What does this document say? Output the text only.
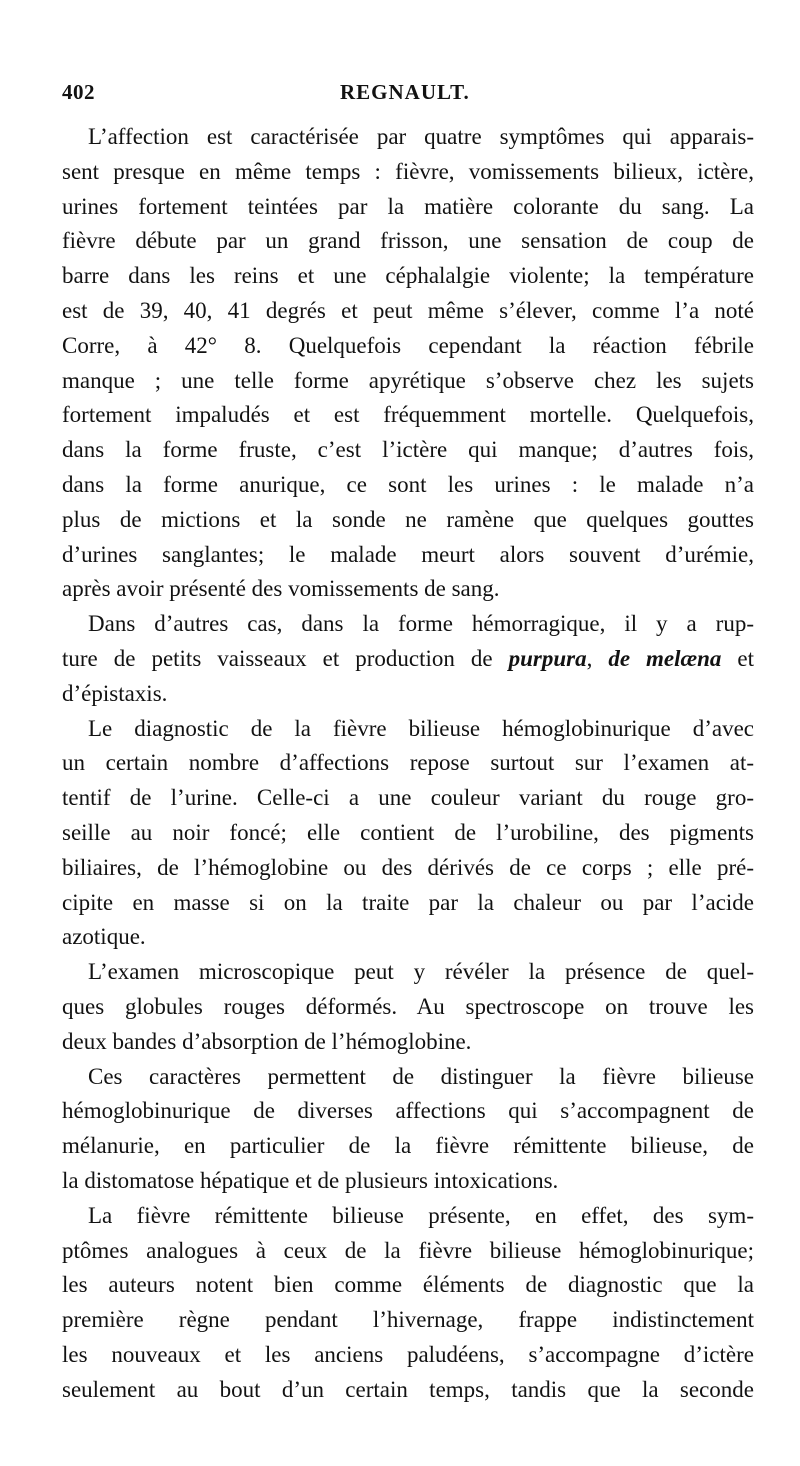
402	REGNAULT.
L’affection est caractérisée par quatre symptômes qui apparais-
sent presque en même temps : fièvre, vomissements bilieux, ictère,
urines fortement teintées par la matière colorante du sang. La
fièvre débute par un grand frisson, une sensation de coup de
barre dans les reins et une céphalalgie violente; la température
est de 39, 40, 41 degrés et peut même s’élever, comme l’a noté
Corre, à 42° 8. Quelquefois cependant la réaction fébrile
manque ; une telle forme apyrétique s’observe chez les sujets
fortement impaludés et est fréquemment mortelle. Quelquefois,
dans la forme fruste, c’est l’ictère qui manque; d’autres fois,
dans la forme anurique, ce sont les urines : le malade n’a
plus de mictions et la sonde ne ramène que quelques gouttes
d’urines sanglantes; le malade meurt alors souvent d’urémie,
après avoir présenté des vomissements de sang.
Dans d’autres cas, dans la forme hémorragique, il y a rup-
ture de petits vaisseaux et production de purpura, de melæna et
d’épistaxis.
Le diagnostic de la fièvre bilieuse hémoglobinurique d’avec
un certain nombre d’affections repose surtout sur l’examen at-
tentif de l’urine. Celle-ci a une couleur variant du rouge gro-
seille au noir foncé; elle contient de l’urobiline, des pigments
biliaires, de l’hémoglobine ou des dérivés de ce corps ; elle pré-
cipite en masse si on la traite par la chaleur ou par l’acide
azotique.
L’examen microscopique peut y révéler la présence de quel-
ques globules rouges déformés. Au spectroscope on trouve les
deux bandes d’absorption de l’hémoglobine.
Ces caractères permettent de distinguer la fièvre bilieuse
hémoglobinurique de diverses affections qui s’accompagnent de
mélanurie, en particulier de la fièvre rémittente bilieuse, de
la distomatose hépatique et de plusieurs intoxications.
La fièvre rémittente bilieuse présente, en effet, des sym-
ptômes analogues à ceux de la fièvre bilieuse hémoglobinurique;
les auteurs notent bien comme éléments de diagnostic que la
première règne pendant l’hivernage, frappe indistinctement
les nouveaux et les anciens paludéens, s’accompagne d’ictère
seulement au bout d’un certain temps, tandis que la seconde
